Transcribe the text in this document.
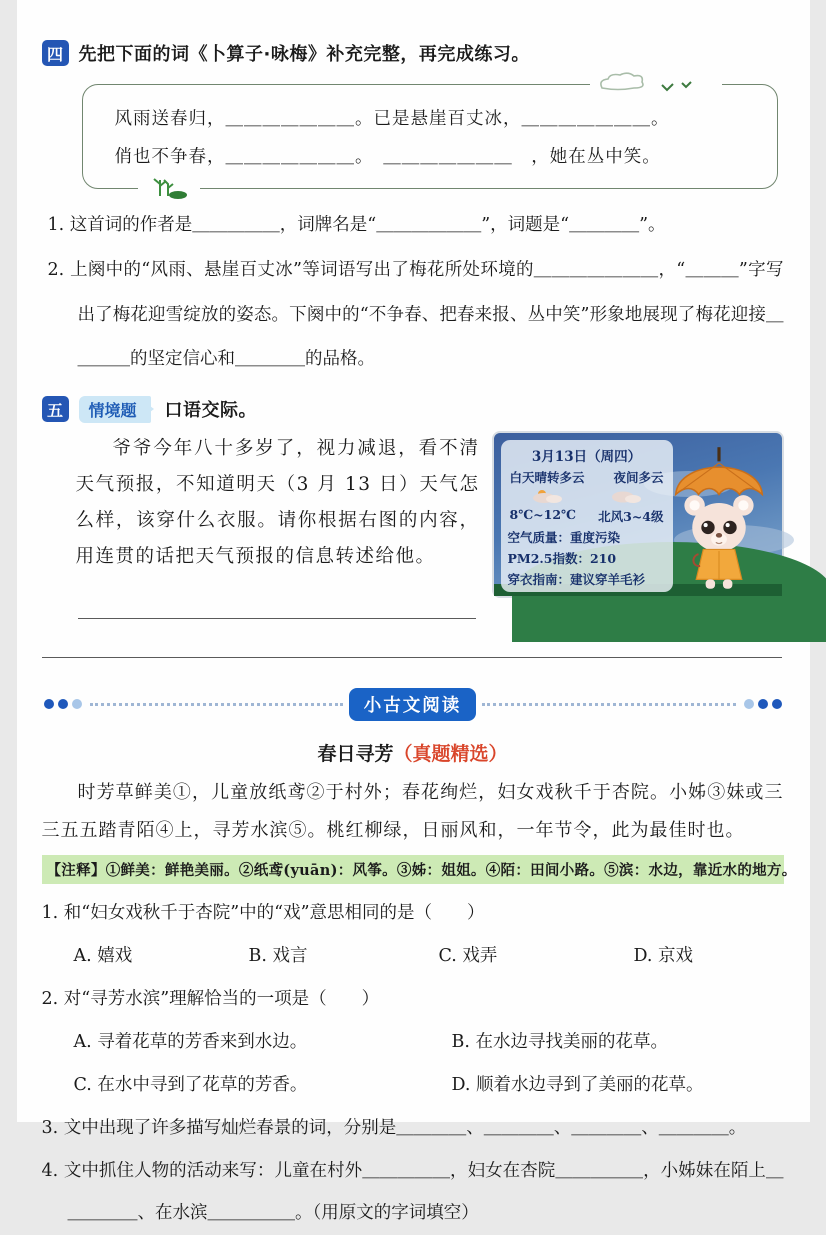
四 先把下面的词《卜算子·咏梅》补充完整，再完成练习。
风雨送春归，＿＿＿＿＿＿＿。已是悬崖百丈冰，＿＿＿＿＿＿＿。
俏也不争春，＿＿＿＿＿＿＿。　＿＿＿＿＿＿＿　，她在丛中笑。
1. 这首词的作者是＿＿＿＿＿，词牌名是“＿＿＿＿＿＿”，词题是“＿＿＿＿”。
2. 上阕中的“风雨、悬崖百丈冰”等词语写出了梅花所处环境的＿＿＿＿＿＿＿，“＿＿＿”字写出了梅花迎雪绽放的姿态。下阕中的“不争春、把春来报、丛中笑”形象地展现了梅花迎接＿＿＿＿的坚定信心和＿＿＿＿的品格。
五	情境题	口语交际。
爷爷今年八十多岁了，视力减退，看不清天气预报，不知道明天（3 月 13 日）天气怎么样，该穿什么衣服。请你根据右图的内容，用连贯的话把天气预报的信息转述给他。
3月13日（周四）
白天晴转多云 夜间多云
8℃~12℃ 北风3~4级
空气质量：重度污染
PM2.5指数：210
穿衣指南：建议穿羊毛衫
小古文阅读
春日寻芳（真题精选）
时芳草鲜美①，儿童放纸鸢②于村外；春花绚烂，妇女戏秋千于杏院。小姊③妹或三三五五踏青陌④上，寻芳水滨⑤。桃红柳绿，日丽风和，一年节令，此为最佳时也。
【注释】①鲜美：鲜艳美丽。②纸鸢(yuān)：风筝。③姊：姐姐。④陌：田间小路。⑤滨：水边，靠近水的地方。
1. 和“妇女戏秋千于杏院”中的“戏”意思相同的是（　　）
A. 嬉戏	B. 戏言	C. 戏弄	D. 京戏
2. 对“寻芳水滨”理解恰当的一项是（　　）
A. 寻着花草的芳香来到水边。	B. 在水边寻找美丽的花草。
C. 在水中寻到了花草的芳香。	D. 顺着水边寻到了美丽的花草。
3. 文中出现了许多描写灿烂春景的词，分别是＿＿＿＿、＿＿＿＿、＿＿＿＿、＿＿＿＿。
4. 文中抓住人物的活动来写：儿童在村外＿＿＿＿＿，妇女在杏院＿＿＿＿＿，小姊妹在陌上＿＿＿＿＿、在水滨＿＿＿＿＿。（用原文的字词填空）
